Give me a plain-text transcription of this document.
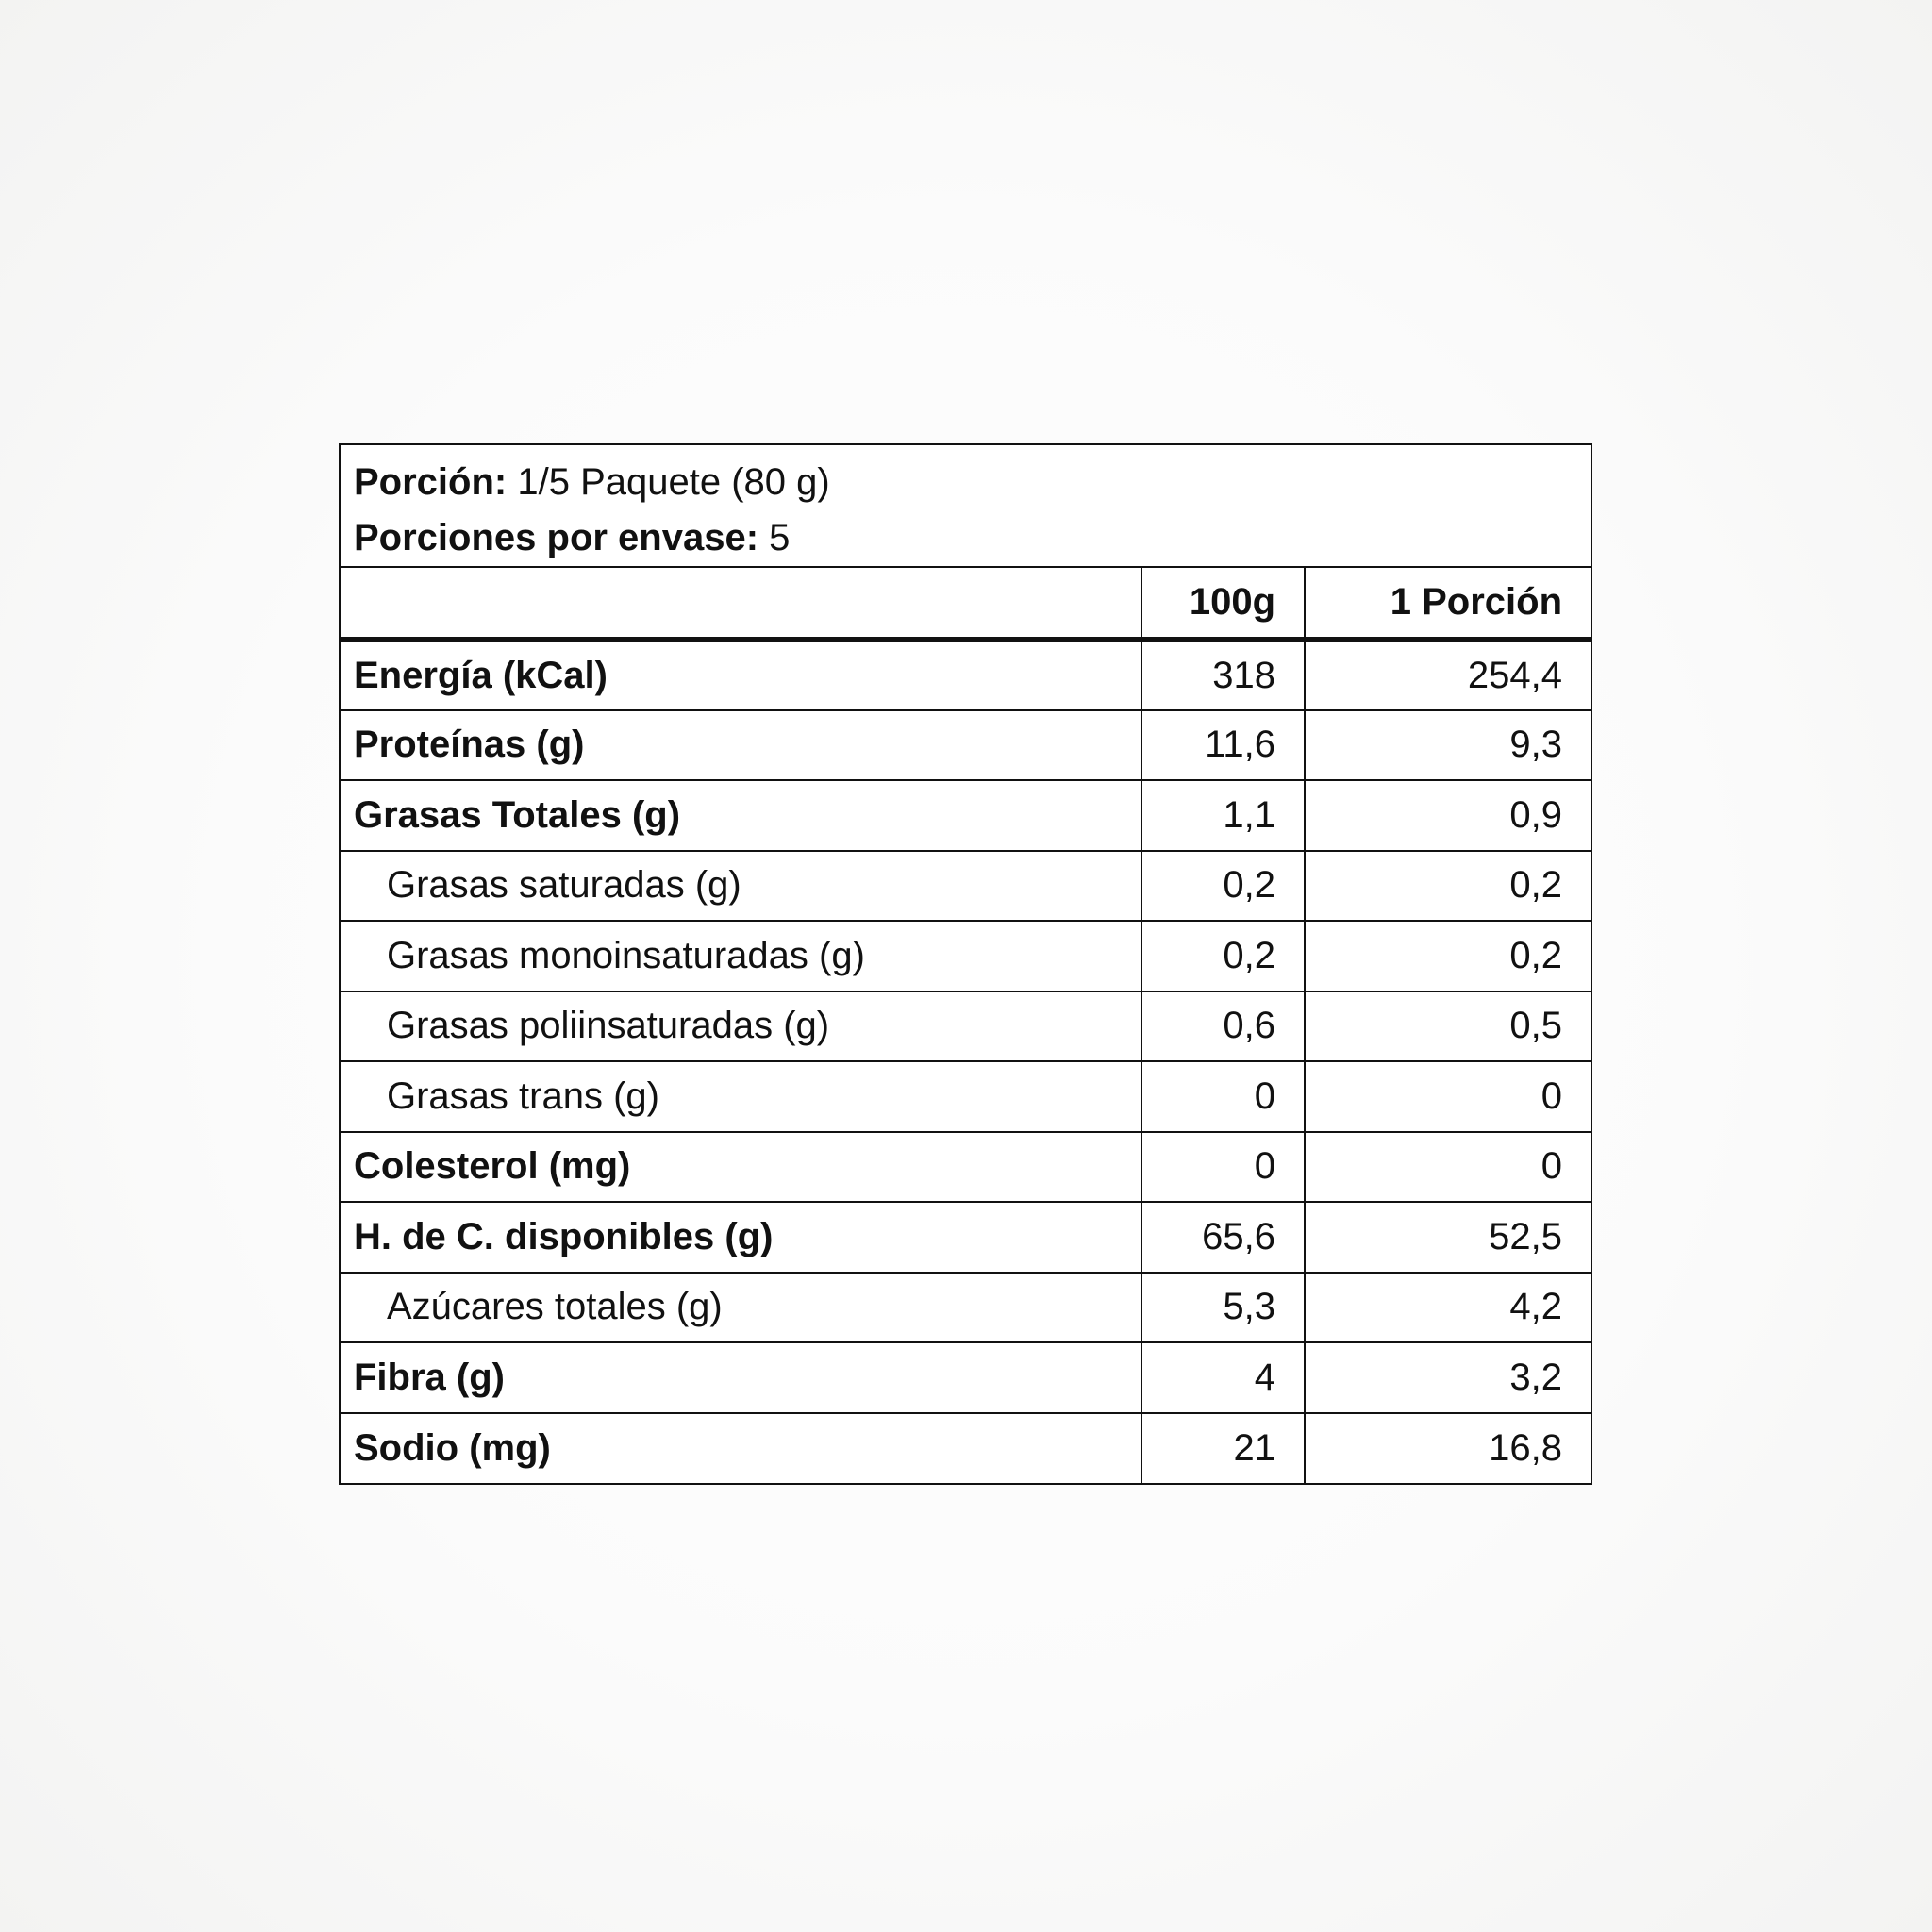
Porción: 1/5 Paquete (80 g)
Porciones por envase: 5
	100g	1 Porción
Energía (kCal)	318	254,4
Proteínas (g)	11,6	9,3
Grasas Totales (g)	1,1	0,9
Grasas saturadas (g)	0,2	0,2
Grasas monoinsaturadas (g)	0,2	0,2
Grasas poliinsaturadas (g)	0,6	0,5
Grasas trans (g)	0	0
Colesterol (mg)	0	0
H. de C. disponibles (g)	65,6	52,5
Azúcares totales (g)	5,3	4,2
Fibra (g)	4	3,2
Sodio (mg)	21	16,8
